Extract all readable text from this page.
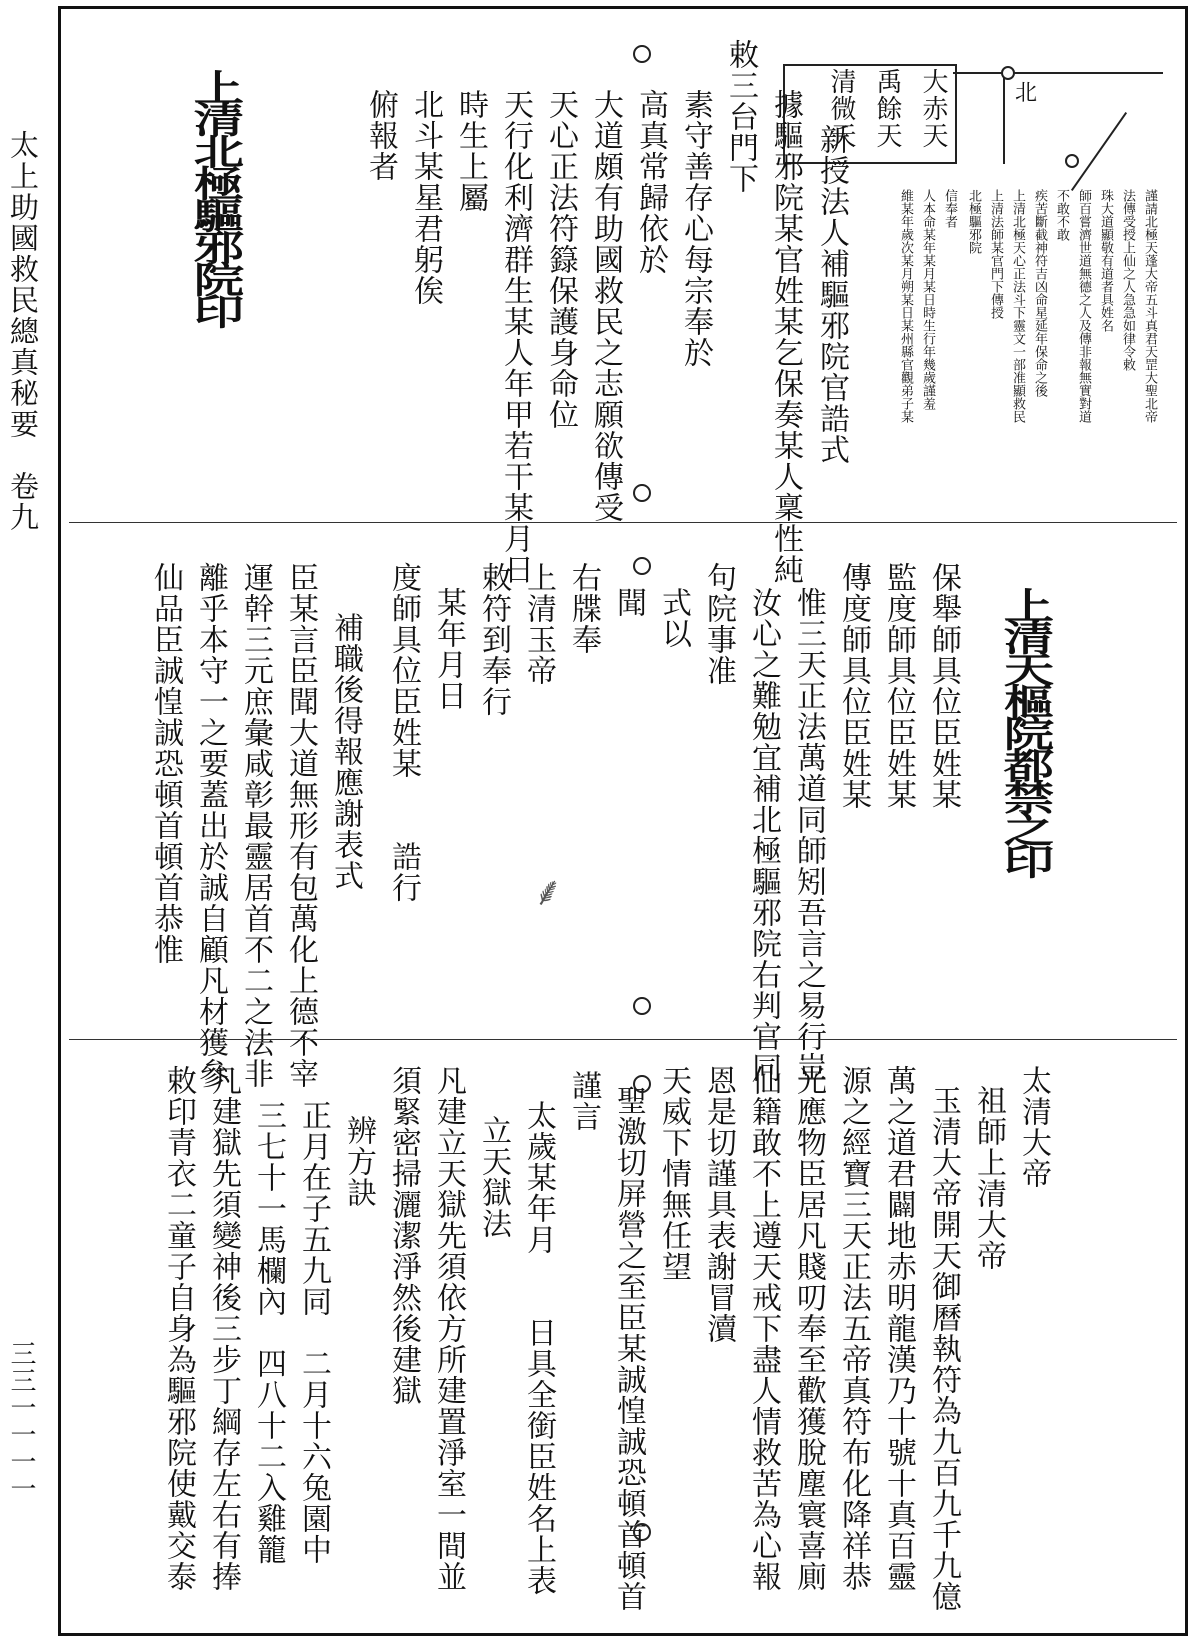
太上助國救民總真秘要　卷九
三三一一一一
北
大赤天
禹餘天
清微天
謹請北極天蓬大帝五斗真君天罡大聖北帝
法傳受授上仙之人急急如律令敕
珠大道顯敬有道者具姓名
師百嘗濟世道無德之人及傳非報無實對道
不敢不敢
疾苦斷截神符吉凶命星延年保命之後
上清北極天心正法斗下靈文一部准顯救民
上清法師某官門下傳授
北極驅邪院
信奉者
人本命某年某月某日時生行年幾歲謹羞
維某年歲次某月朔某日某州縣官觀弟子某
新授法人補驅邪院官誥式
據驅邪院某官姓某乞保奏某人稟性純
敕三台門下
素守善存心每宗奉於
高真常歸依於
大道頗有助國救民之志願欲傳受
天心正法符籙保護身命位
天行化利濟群生某人年甲若干某月日
時生上屬
北斗某星君躬俟
俯報者
上清北極驅邪院印
上清天樞院都禁之印
保舉師具位臣姓某
監度師具位臣姓某
傳度師具位臣姓某
惟三天正法萬道同師矧吾言之易行豈
汝心之難勉宜補北極驅邪院右判官同
句院事准
式以
聞
右牒奉
上清玉帝
敕符到奉行
某年月日
度師具位臣姓某　　誥行
補職後得報應謝表式
臣某言臣聞大道無形有包萬化上德不宰
運幹三元庶彙咸彰最靈居首不二之法非
離乎本守一之要蓋出於誠自顧凡材獲參
仙品臣誠惶誠恐頓首頓首恭惟	⸙
太清大帝
祖師上清大帝
玉清大帝開天御曆執符為九百九千九億
萬之道君闢地赤明龍漢乃十號十真百靈
源之經寶三天正法五帝真符布化降祥恭
光應物臣居凡賤叨奉至歡獲脫塵寰喜廁
仙籍敢不上遵天戒下盡人情救苦為心報
恩是切謹具表謝冒瀆
天威下情無任望
聖激切屏營之至臣某誠惶誠恐頓首頓首
謹言
太歲某年月　　日具全銜臣姓名上表
立天獄法
凡建立天獄先須依方所建置淨室一間並
須緊密掃灑潔淨然後建獄
辨方訣
正月在子五九同　二月十六兔園中
三七十一馬欄內　四八十二入雞籠
凡建獄先須變神後三步丁綱存左右有捧
敕印青衣二童子自身為驅邪院使戴交泰
